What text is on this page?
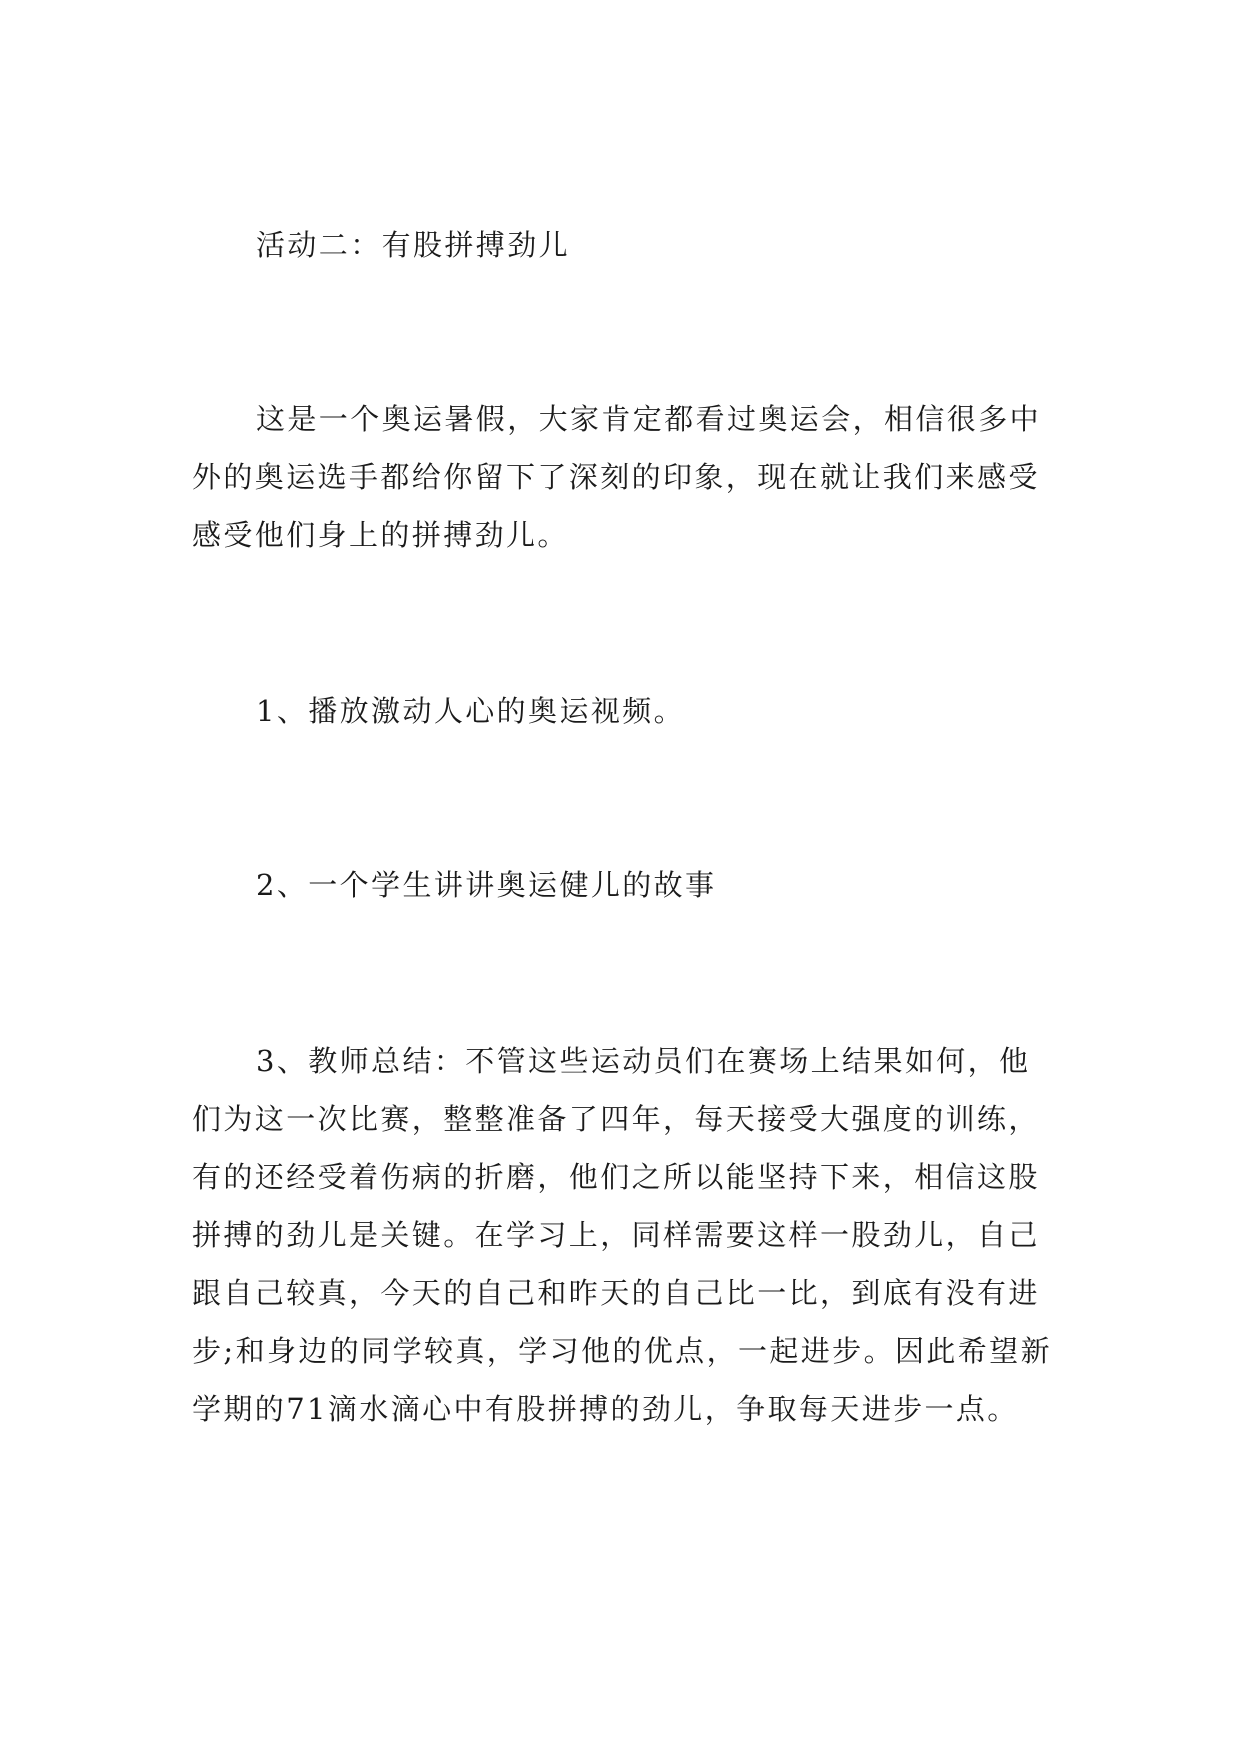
活动二：有股拼搏劲儿

这是一个奥运暑假，大家肯定都看过奥运会，相信很多中外的奥运选手都给你留下了深刻的印象，现在就让我们来感受感受他们身上的拼搏劲儿。

1、播放激动人心的奥运视频。

2、一个学生讲讲奥运健儿的故事

3、教师总结：不管这些运动员们在赛场上结果如何，他们为这一次比赛，整整准备了四年，每天接受大强度的训练，有的还经受着伤病的折磨，他们之所以能坚持下来，相信这股拼搏的劲儿是关键。在学习上，同样需要这样一股劲儿，自己跟自己较真，今天的自己和昨天的自己比一比，到底有没有进步;和身边的同学较真，学习他的优点，一起进步。因此希望新学期的71滴水滴心中有股拼搏的劲儿，争取每天进步一点。
